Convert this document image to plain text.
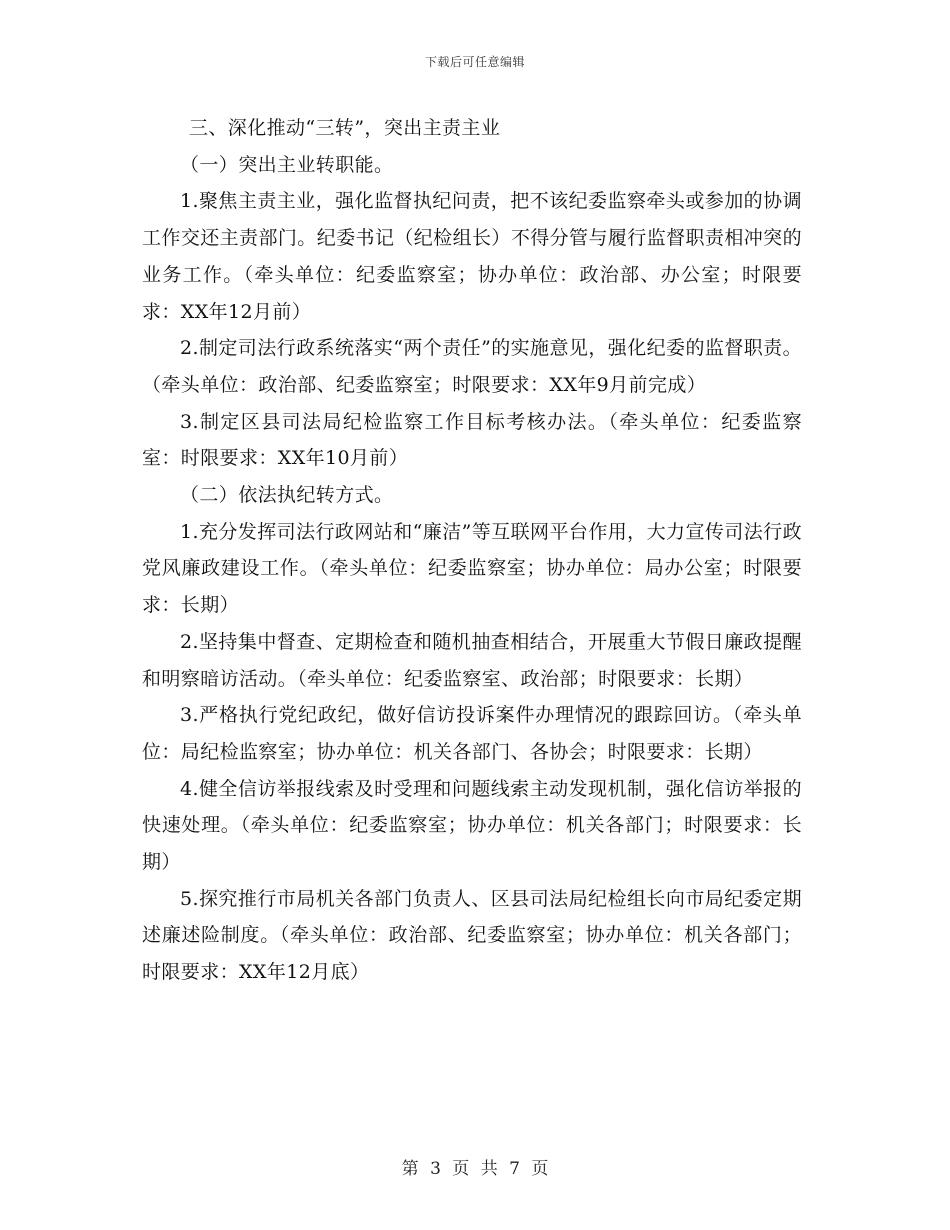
下载后可任意编辑

三、深化推动“三转”，突出主责主业

（一）突出主业转职能。

1.聚焦主责主业，强化监督执纪问责，把不该纪委监察牵头或参加的协调工作交还主责部门。纪委书记（纪检组长）不得分管与履行监督职责相冲突的业务工作。（牵头单位：纪委监察室；协办单位：政治部、办公室；时限要求：XX年12月前）

2.制定司法行政系统落实“两个责任”的实施意见，强化纪委的监督职责。（牵头单位：政治部、纪委监察室；时限要求：XX年9月前完成）

3.制定区县司法局纪检监察工作目标考核办法。（牵头单位：纪委监察室：时限要求：XX年10月前）

（二）依法执纪转方式。

1.充分发挥司法行政网站和“廉洁”等互联网平台作用，大力宣传司法行政党风廉政建设工作。（牵头单位：纪委监察室；协办单位：局办公室；时限要求：长期）

2.坚持集中督查、定期检查和随机抽查相结合，开展重大节假日廉政提醒和明察暗访活动。（牵头单位：纪委监察室、政治部；时限要求：长期）

3.严格执行党纪政纪，做好信访投诉案件办理情况的跟踪回访。（牵头单位：局纪检监察室；协办单位：机关各部门、各协会；时限要求：长期）

4.健全信访举报线索及时受理和问题线索主动发现机制，强化信访举报的快速处理。（牵头单位：纪委监察室；协办单位：机关各部门；时限要求：长期）

5.探究推行市局机关各部门负责人、区县司法局纪检组长向市局纪委定期述廉述险制度。（牵头单位：政治部、纪委监察室；协办单位：机关各部门；时限要求：XX年12月底）

第 3 页 共 7 页
